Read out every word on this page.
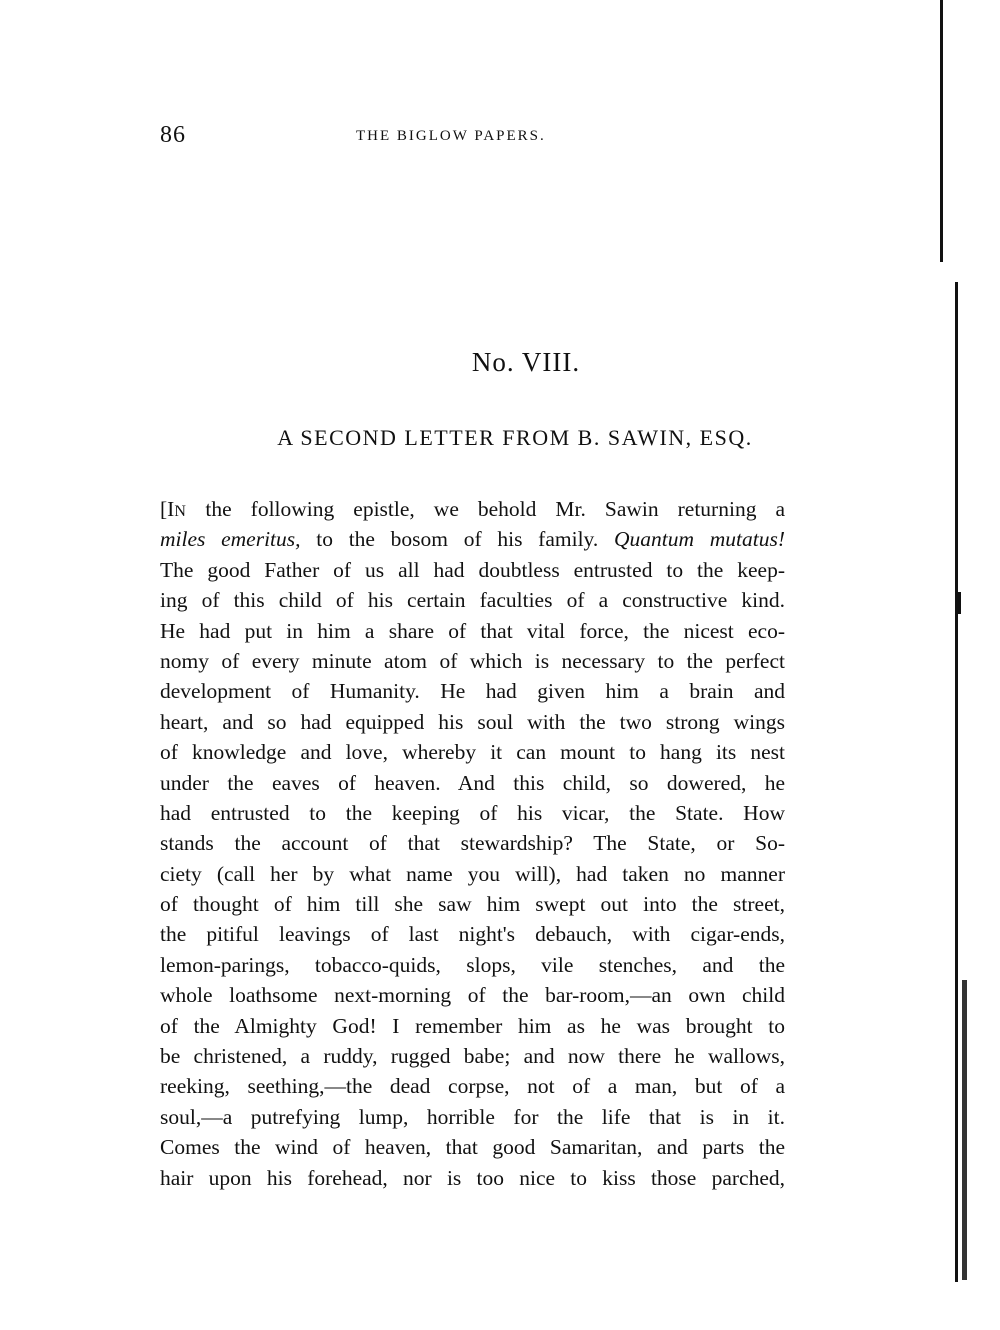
86	THE BIGLOW PAPERS.
No. VIII.
A SECOND LETTER FROM B. SAWIN, ESQ.
[IN the following epistle, we behold Mr. Sawin returning a
miles emeritus, to the bosom of his family. Quantum mutatus!
The good Father of us all had doubtless entrusted to the keep-
ing of this child of his certain faculties of a constructive kind.
He had put in him a share of that vital force, the nicest eco-
nomy of every minute atom of which is necessary to the perfect
development of Humanity. He had given him a brain and
heart, and so had equipped his soul with the two strong wings
of knowledge and love, whereby it can mount to hang its nest
under the eaves of heaven. And this child, so dowered, he
had entrusted to the keeping of his vicar, the State. How
stands the account of that stewardship? The State, or So-
ciety (call her by what name you will), had taken no manner
of thought of him till she saw him swept out into the street,
the pitiful leavings of last night's debauch, with cigar-ends,
lemon-parings, tobacco-quids, slops, vile stenches, and the
whole loathsome next-morning of the bar-room,—an own child
of the Almighty God! I remember him as he was brought to
be christened, a ruddy, rugged babe; and now there he wallows,
reeking, seething,—the dead corpse, not of a man, but of a
soul,—a putrefying lump, horrible for the life that is in it.
Comes the wind of heaven, that good Samaritan, and parts the
hair upon his forehead, nor is too nice to kiss those parched,
